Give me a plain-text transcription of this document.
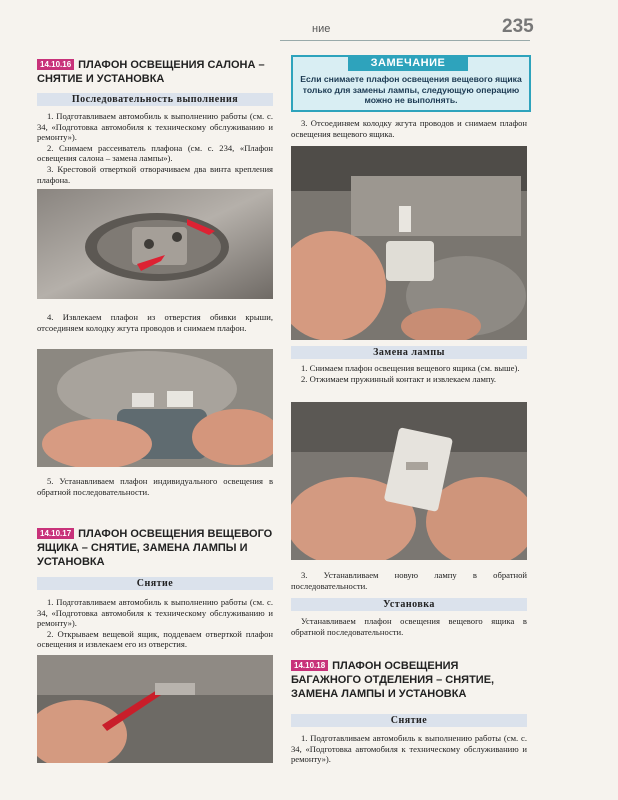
ние	235
14.10.16 ПЛАФОН ОСВЕЩЕНИЯ САЛОНА –
СНЯТИЕ И УСТАНОВКА
Последовательность выполнения

1. Подготавливаем автомобиль к выполнению работы (см. с. 34, «Подготовка автомобиля к техническому обслуживанию и ремонту»).

2. Снимаем рассеиватель плафона (см. с. 234, «Плафон освещения салона – замена лампы»).

3. Крестовой отверткой отворачиваем два винта крепления плафона.

4. Извлекаем плафон из отверстия обивки крыши, отсоединяем колодку жгута проводов и снимаем плафон.

5. Устанавливаем плафон индивидуального освещения в обратной последовательности.

14.10.17 ПЛАФОН ОСВЕЩЕНИЯ ВЕЩЕВОГО
ЯЩИКА – СНЯТИЕ, ЗАМЕНА ЛАМПЫ И
УСТАНОВКА
Снятие

1. Подготавливаем автомобиль к выполнению работы (см. с. 34, «Подготовка автомобиля к техническому обслуживанию и ремонту»).

2. Открываем вещевой ящик, поддеваем отверткой плафон освещения и извлекаем его из отверстия.

ЗАМЕЧАНИЕ
Если снимаете плафон освещения вещевого ящика только для замены лампы, следующую операцию можно не выполнять.

3. Отсоединяем колодку жгута проводов и снимаем плафон освещения вещевого ящика.

Замена лампы

1. Снимаем плафон освещения вещевого ящика (см. выше).

2. Отжимаем пружинный контакт и извлекаем лампу.

3. Устанавливаем новую лампу в обратной последовательности.

Установка

Устанавливаем плафон освещения вещевого ящика в обратной последовательности.

14.10.18 ПЛАФОН ОСВЕЩЕНИЯ
БАГАЖНОГО ОТДЕЛЕНИЯ – СНЯТИЕ,
ЗАМЕНА ЛАМПЫ И УСТАНОВКА
Снятие

1. Подготавливаем автомобиль к выполнению работы (см. с. 34, «Подготовка автомобиля к техническому обслуживанию и ремонту»).
